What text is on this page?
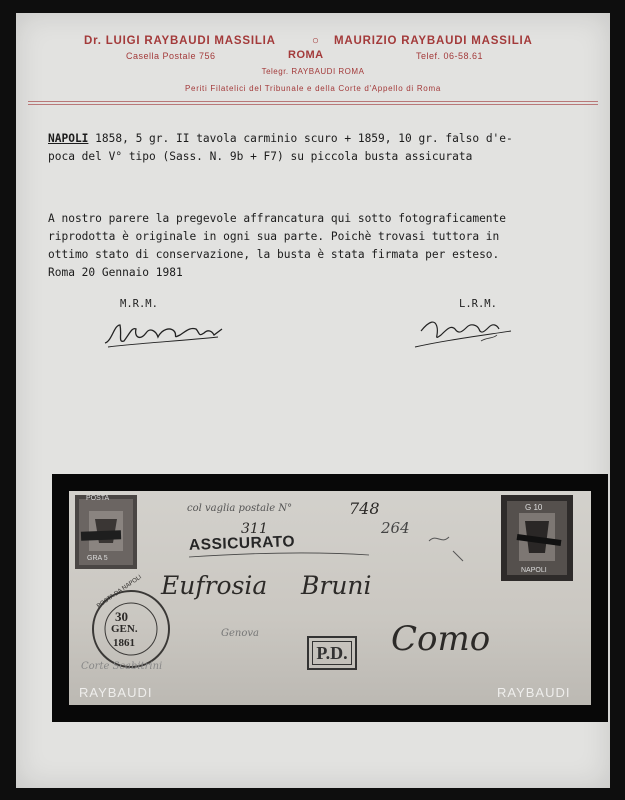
Dr. LUIGI RAYBAUDI MASSILIA	○ MAURIZIO RAYBAUDI MASSILIA
Casella Postale 756	ROMA	Telef. 06-58.61
Telegr. RAYBAUDI ROMA
Periti Filatelici del Tribunale e della Corte d'Appello di Roma
NAPOLI 1858, 5 gr. II tavola carminio scuro + 1859, 10 gr. falso d'e-
poca del V° tipo (Sass. N. 9b + F7) su piccola busta assicurata
A nostro parere la pregevole affrancatura qui sotto fotograficamente
riprodotta è originale in ogni sua parte. Poichè trovasi tuttora in
ottimo stato di conservazione, la busta è stata firmata per esteso.
Roma 20 Gennaio 1981
M.R.M.	L.R.M.
POSTA
GRA 5
G 10
NAPOLI
30
GEN.
1861
POSTA DA NAPOLI
col vaglia postale N°	748
264
311
ASSICURATO
Eufrosia Bruni
Genova
P.D. Como
Corte Scabitrini
RAYBAUDI	RAYBAUDI
